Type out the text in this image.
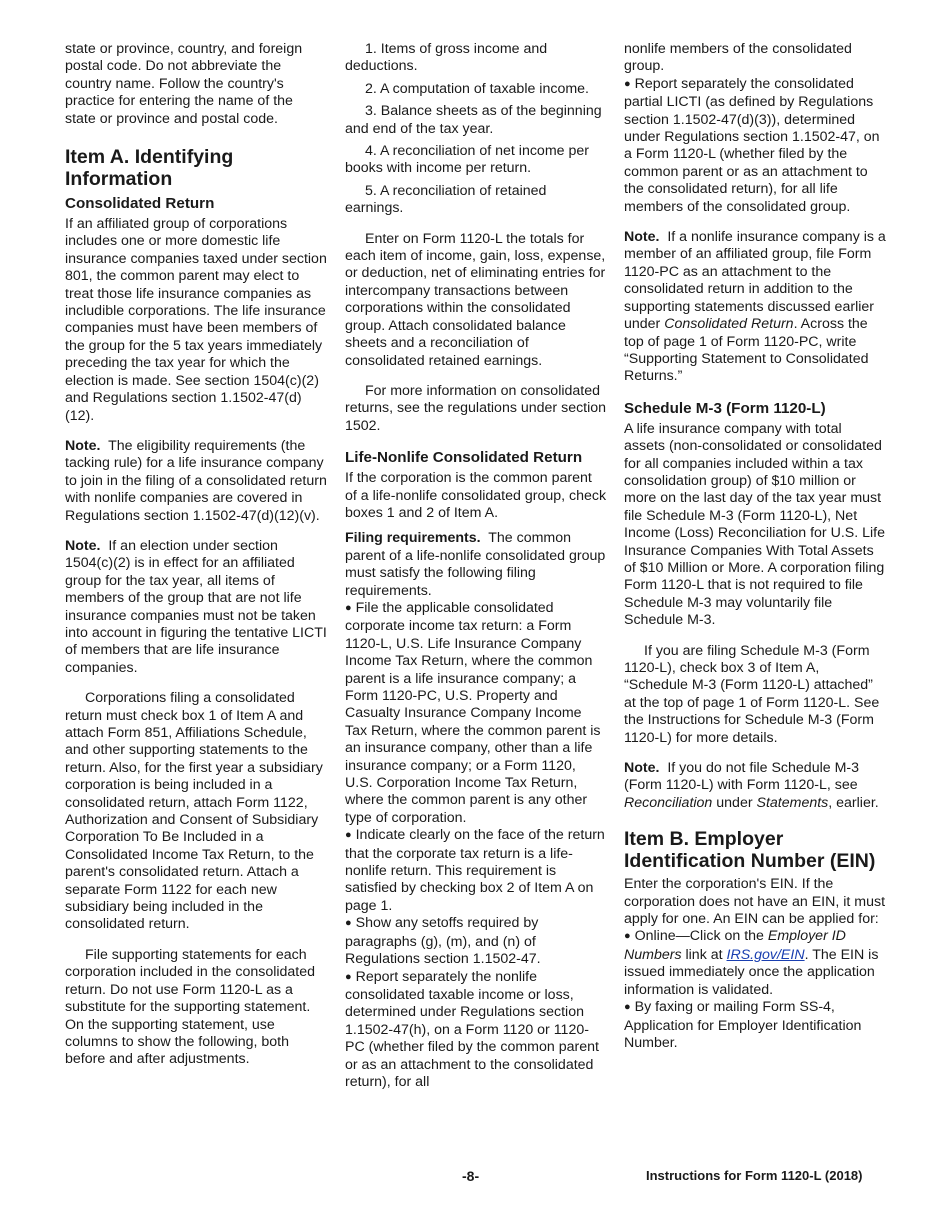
state or province, country, and foreign postal code. Do not abbreviate the country name. Follow the country's practice for entering the name of the state or province and postal code.

Item A. Identifying Information
Consolidated Return

If an affiliated group of corporations includes one or more domestic life insurance companies taxed under section 801, the common parent may elect to treat those life insurance companies as includible corporations. The life insurance companies must have been members of the group for the 5 tax years immediately preceding the tax year for which the election is made. See section 1504(c)(2) and Regulations section 1.1502-47(d)(12).

Note. The eligibility requirements (the tacking rule) for a life insurance company to join in the filing of a consolidated return with nonlife companies are covered in Regulations section 1.1502-47(d)(12)(v).

Note. If an election under section 1504(c)(2) is in effect for an affiliated group for the tax year, all items of members of the group that are not life insurance companies must not be taken into account in figuring the tentative LICTI of members that are life insurance companies.

Corporations filing a consolidated return must check box 1 of Item A and attach Form 851, Affiliations Schedule, and other supporting statements to the return. Also, for the first year a subsidiary corporation is being included in a consolidated return, attach Form 1122, Authorization and Consent of Subsidiary Corporation To Be Included in a Consolidated Income Tax Return, to the parent's consolidated return. Attach a separate Form 1122 for each new subsidiary being included in the consolidated return.

File supporting statements for each corporation included in the consolidated return. Do not use Form 1120-L as a substitute for the supporting statement. On the supporting statement, use columns to show the following, both before and after adjustments.

1. Items of gross income and deductions.

2. A computation of taxable income.

3. Balance sheets as of the beginning and end of the tax year.

4. A reconciliation of net income per books with income per return.

5. A reconciliation of retained earnings.

Enter on Form 1120-L the totals for each item of income, gain, loss, expense, or deduction, net of eliminating entries for intercompany transactions between corporations within the consolidated group. Attach consolidated balance sheets and a reconciliation of consolidated retained earnings.

For more information on consolidated returns, see the regulations under section 1502.

Life-Nonlife Consolidated Return

If the corporation is the common parent of a life-nonlife consolidated group, check boxes 1 and 2 of Item A.

Filing requirements. The common parent of a life-nonlife consolidated group must satisfy the following filing requirements.

● File the applicable consolidated corporate income tax return: a Form 1120-L, U.S. Life Insurance Company Income Tax Return, where the common parent is a life insurance company; a Form 1120-PC, U.S. Property and Casualty Insurance Company Income Tax Return, where the common parent is an insurance company, other than a life insurance company; or a Form 1120, U.S. Corporation Income Tax Return, where the common parent is any other type of corporation.

● Indicate clearly on the face of the return that the corporate tax return is a life-nonlife return. This requirement is satisfied by checking box 2 of Item A on page 1.

● Show any setoffs required by paragraphs (g), (m), and (n) of Regulations section 1.1502-47.

● Report separately the nonlife consolidated taxable income or loss, determined under Regulations section 1.1502-47(h), on a Form 1120 or 1120-PC (whether filed by the common parent or as an attachment to the consolidated return), for all

nonlife members of the consolidated group.

● Report separately the consolidated partial LICTI (as defined by Regulations section 1.1502-47(d)(3)), determined under Regulations section 1.1502-47, on a Form 1120-L (whether filed by the common parent or as an attachment to the consolidated return), for all life members of the consolidated group.

Note. If a nonlife insurance company is a member of an affiliated group, file Form 1120-PC as an attachment to the consolidated return in addition to the supporting statements discussed earlier under Consolidated Return. Across the top of page 1 of Form 1120-PC, write “Supporting Statement to Consolidated Returns.”

Schedule M-3 (Form 1120-L)

A life insurance company with total assets (non-consolidated or consolidated for all companies included within a tax consolidation group) of $10 million or more on the last day of the tax year must file Schedule M-3 (Form 1120-L), Net Income (Loss) Reconciliation for U.S. Life Insurance Companies With Total Assets of $10 Million or More. A corporation filing Form 1120-L that is not required to file Schedule M-3 may voluntarily file Schedule M-3.

If you are filing Schedule M-3 (Form 1120-L), check box 3 of Item A, “Schedule M-3 (Form 1120-L) attached” at the top of page 1 of Form 1120-L. See the Instructions for Schedule M-3 (Form 1120-L) for more details.

Note. If you do not file Schedule M-3 (Form 1120-L) with Form 1120-L, see Reconciliation under Statements, earlier.

Item B. Employer Identification Number (EIN)

Enter the corporation's EIN. If the corporation does not have an EIN, it must apply for one. An EIN can be applied for:

● Online—Click on the Employer ID Numbers link at IRS.gov/EIN. The EIN is issued immediately once the application information is validated.

● By faxing or mailing Form SS-4, Application for Employer Identification Number.

-8-	Instructions for Form 1120-L (2018)
